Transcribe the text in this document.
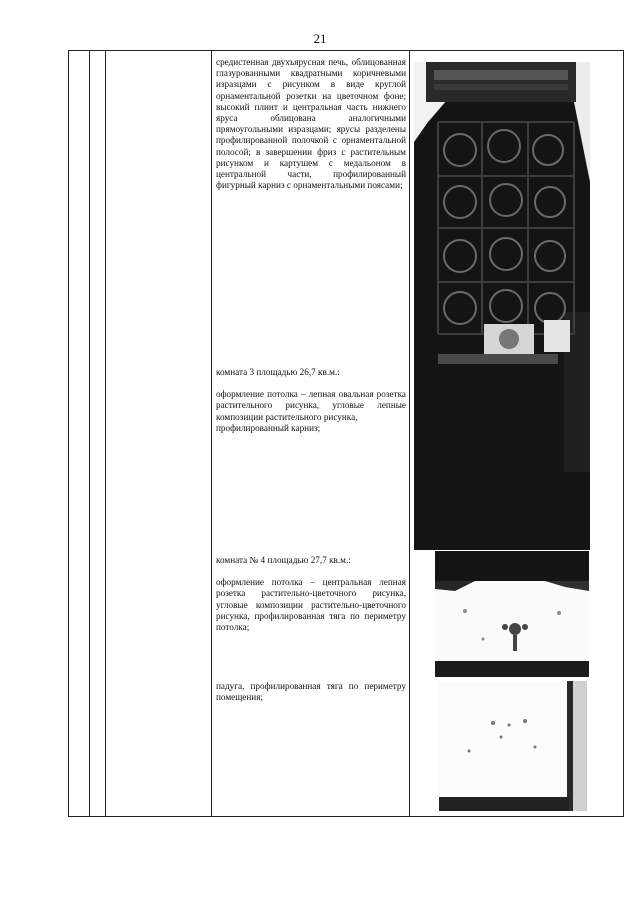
21

средистенная двухъярусная печь, облицованная глазурованными квадратными коричневыми изразцами с рисунком в виде круглой орнаментальной розетки на цветочном фоне; высокий плинт и центральная часть нижнего яруса облицована аналогичными прямоугольными изразцами; ярусы разделены профилированной полочкой с орнаментальной полосой; в завершении фриз с растительным рисунком и картушем с медальоном в центральной части, профилированный фигурный карниз с орнаментальными поясами;

комната 3 площадью 26,7 кв.м.:

оформление потолка – лепная овальная розетка растительного рисунка, угловые лепные композиции растительного рисунка,

профилированный карниз;

комната № 4 площадью 27,7 кв.м.:

оформление потолка – центральная лепная розетка растительно-цветочного рисунка, угловые композиции растительно-цветочного рисунка, профилированная тяга по периметру потолка;

падуга, профилированная тяга по периметру помещения;
